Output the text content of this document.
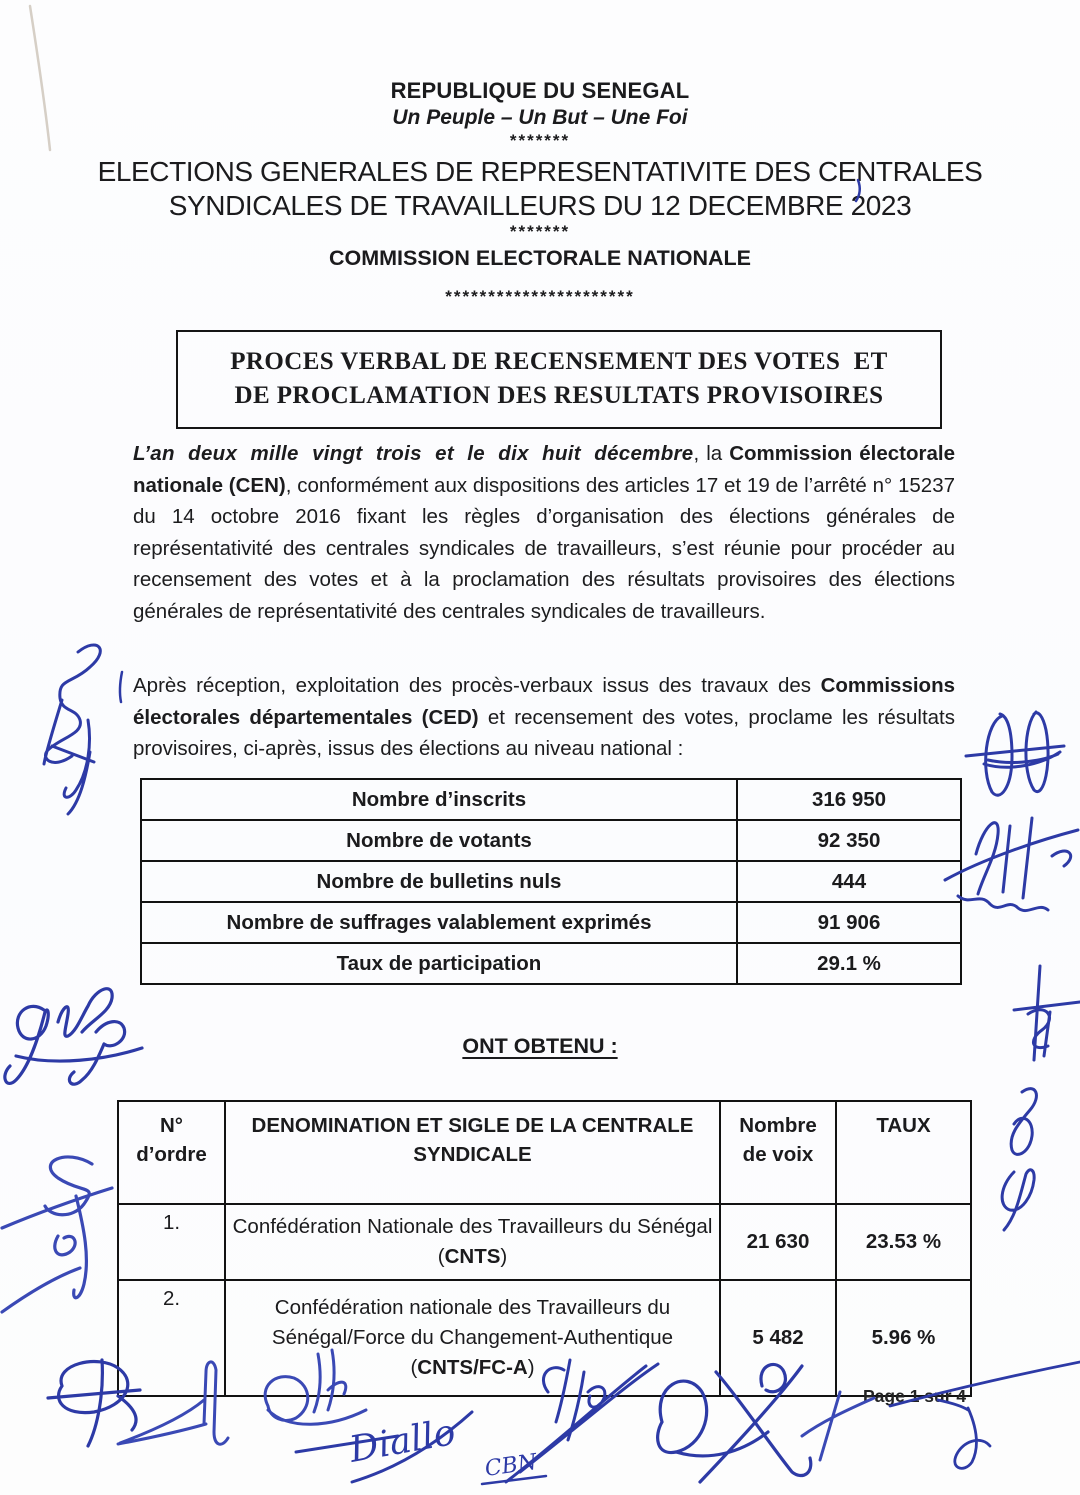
REPUBLIQUE DU SENEGAL
Un Peuple – Un But – Une Foi
*******
ELECTIONS GENERALES DE REPRESENTATIVITE DES CENTRALES
SYNDICALES DE TRAVAILLEURS DU 12 DECEMBRE 2023
*******
COMMISSION ELECTORALE NATIONALE
**********************
PROCES VERBAL DE RECENSEMENT DES VOTES  ET
DE PROCLAMATION DES RESULTATS PROVISOIRES
L’an deux mille vingt trois et le dix huit décembre, la Commission électorale nationale (CEN), conformément aux dispositions des articles 17 et 19 de l’arrêté n° 15237 du 14 octobre 2016 fixant les règles d’organisation des élections générales de représentativité des centrales syndicales de travailleurs, s’est réunie pour procéder au recensement des votes et à la proclamation des résultats provisoires des élections générales de représentativité des centrales syndicales de travailleurs.
Après réception, exploitation des procès-verbaux issus des travaux des Commissions électorales départementales (CED) et recensement des votes, proclame les résultats provisoires, ci-après, issus des élections au niveau national :
Nombre d’inscrits	316 950
Nombre de votants	92 350
Nombre de bulletins nuls	444
Nombre de suffrages valablement exprimés	91 906
Taux de participation	29.1 %
ONT OBTENU :
N° d’ordre	DENOMINATION ET SIGLE DE LA CENTRALE SYNDICALE	Nombre de voix	TAUX
1.	Confédération Nationale des Travailleurs du Sénégal (CNTS)	21 630	23.53 %
2.	Confédération nationale des Travailleurs du Sénégal/Force du Changement-Authentique (CNTS/FC-A)	5 482	5.96 %
Page 1 sur 4
Diallo CBN
